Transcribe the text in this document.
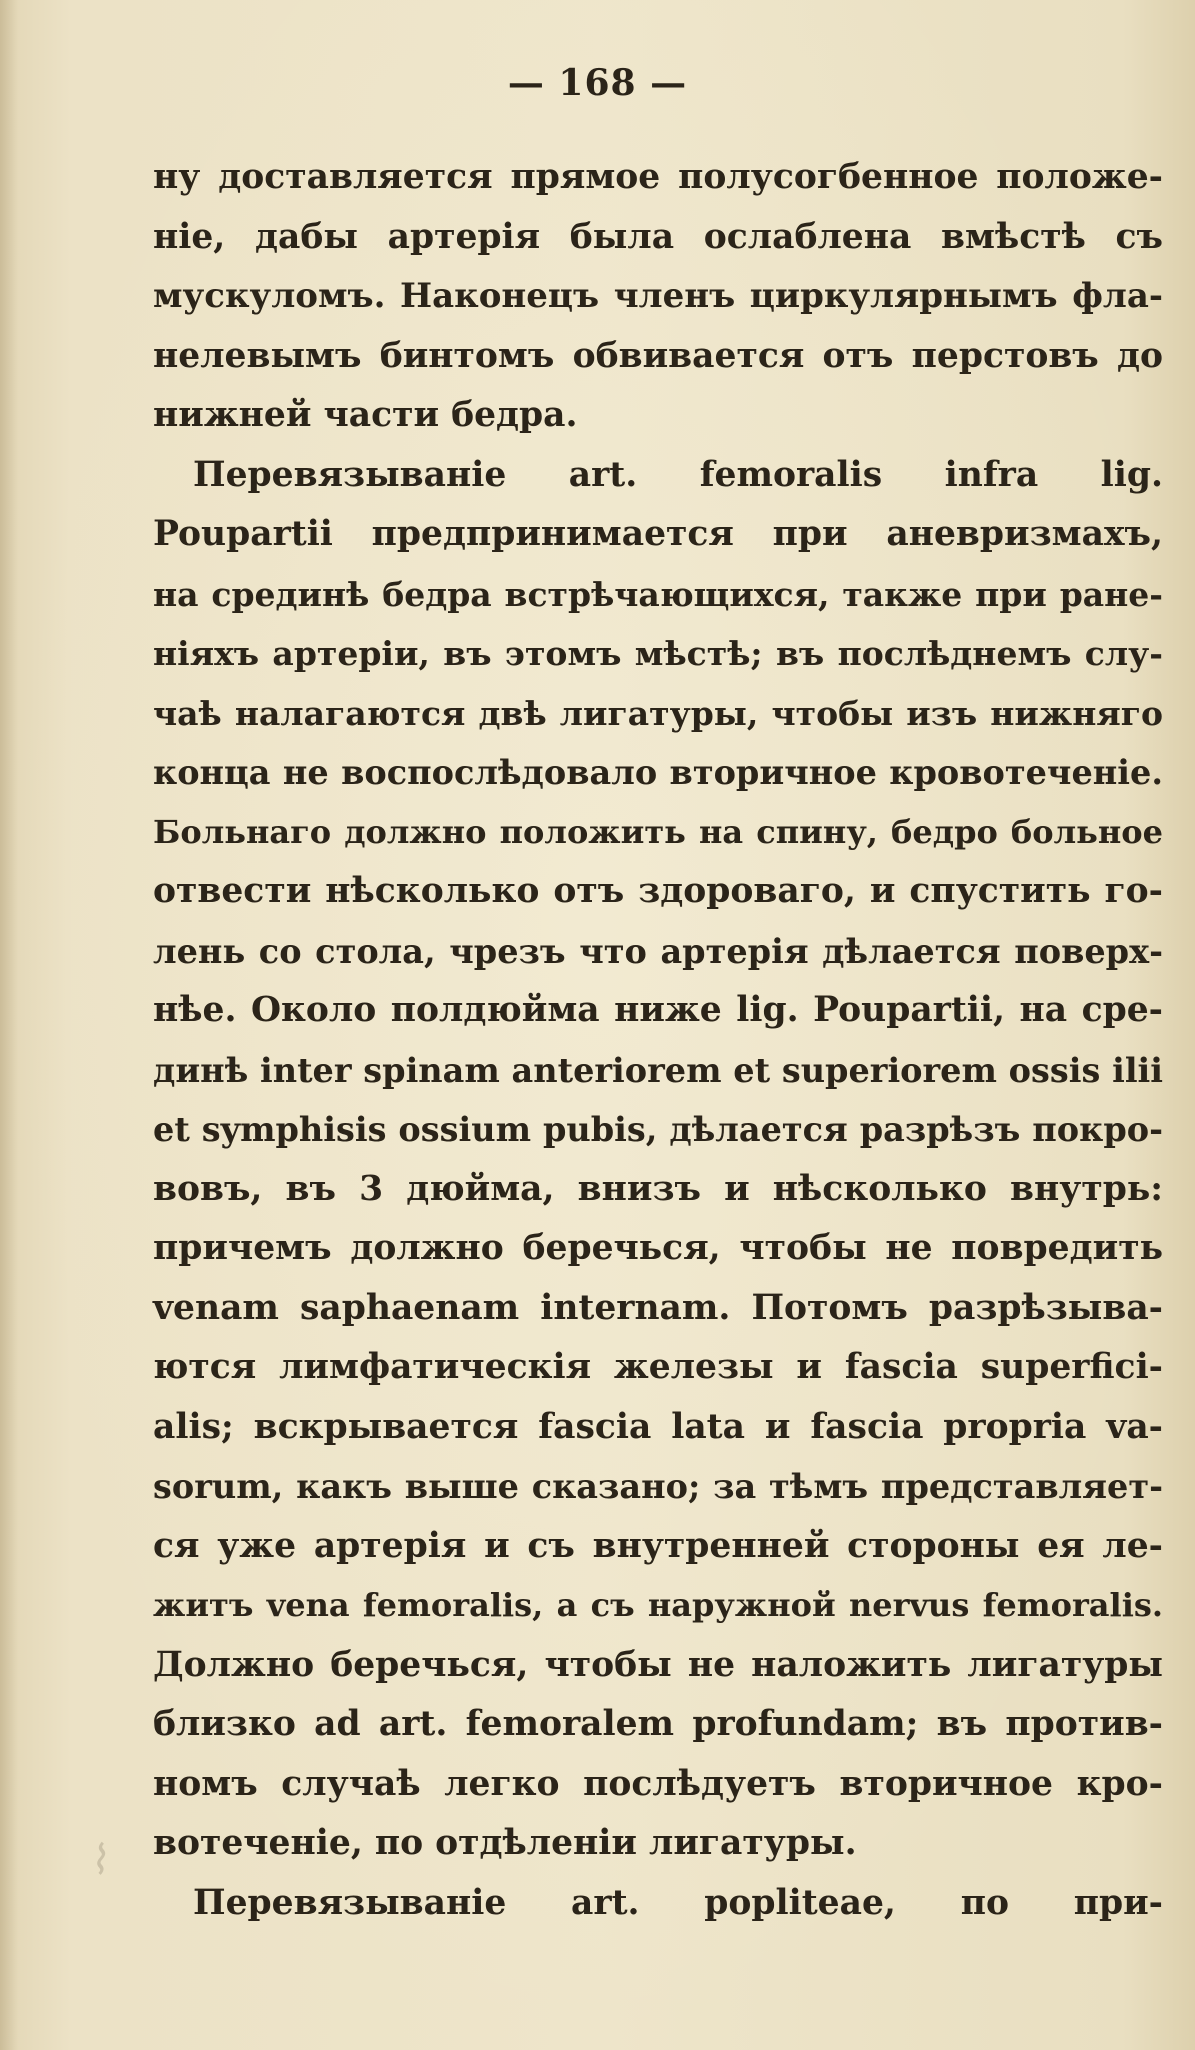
— 168 —
ну доставляется прямое полусогбенное положе-
ніе, дабы артерія была ослаблена вмѣстѣ съ
мускуломъ. Наконецъ членъ циркулярнымъ фла-
нелевымъ бинтомъ обвивается отъ перстовъ до
нижней части бедра.
Перевязываніе art. femoralis infra lig.
Poupartii предпринимается при аневризмахъ,
на срединѣ бедра встрѣчающихся, также при ране-
ніяхъ артеріи, въ этомъ мѣстѣ; въ послѣднемъ слу-
чаѣ налагаются двѣ лигатуры, чтобы изъ нижняго
конца не воспослѣдовало вторичное кровотеченіе.
Больнаго должно положить на спину, бедро больное
отвести нѣсколько отъ здороваго, и спустить го-
лень со стола, чрезъ что артерія дѣлается поверх-
нѣе. Около полдюйма ниже lig. Poupartii, на сре-
динѣ inter spinam anteriorem et superiorem ossis ilii
et symphisis ossium pubis, дѣлается разрѣзъ покро-
вовъ, въ 3 дюйма, внизъ и нѣсколько внутрь:
причемъ должно беречься, чтобы не повредить
venam saphaenam internam. Потомъ разрѣзыва-
ются лимфатическія железы и fascia superfici-
alis; вскрывается fascia lata и fascia propria va-
sorum, какъ выше сказано; за тѣмъ представляет-
ся уже артерія и съ внутренней стороны ея ле-
житъ vena femoralis, а съ наружной nervus femoralis.
Должно беречься, чтобы не наложить лигатуры
близко ad art. femoralem profundam; въ против-
номъ случаѣ легко послѣдуетъ вторичное кро-
вотеченіе, по отдѣленіи лигатуры.
Перевязываніе art. popliteae, по при-
⌇
